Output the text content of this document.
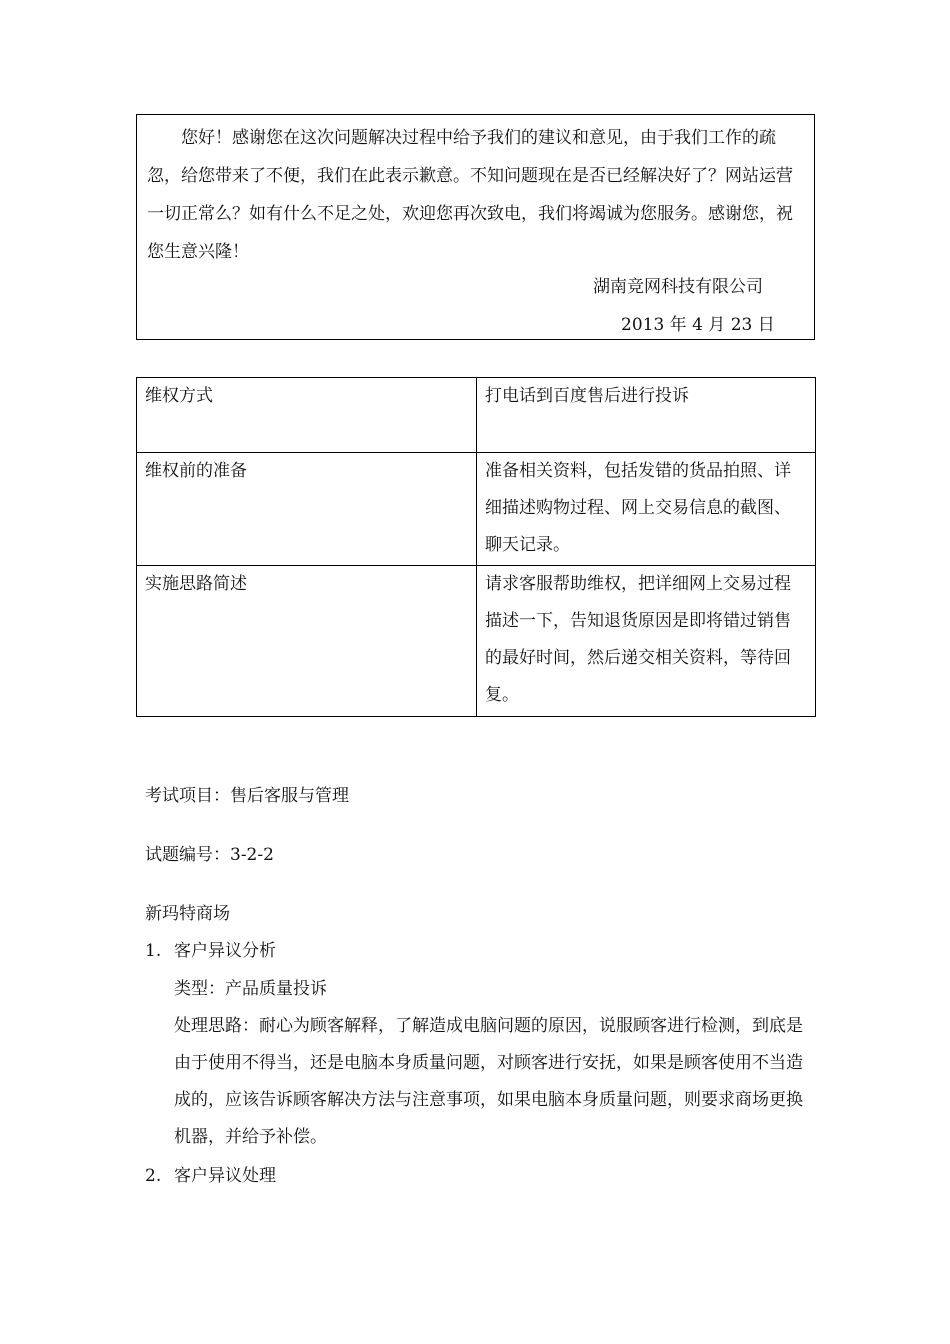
您好！感谢您在这次问题解决过程中给予我们的建议和意见，由于我们工作的疏忽，给您带来了不便，我们在此表示歉意。不知问题现在是否已经解决好了？网站运营一切正常么？如有什么不足之处，欢迎您再次致电，我们将竭诚为您服务。感谢您，祝您生意兴隆！

湖南竞网科技有限公司

2013 年 4 月 23 日

维权方式	打电话到百度售后进行投诉
维权前的准备	准备相关资料，包括发错的货品拍照、详细描述购物过程、网上交易信息的截图、聊天记录。
实施思路简述	请求客服帮助维权，把详细网上交易过程描述一下，告知退货原因是即将错过销售的最好时间，然后递交相关资料，等待回复。

考试项目：售后客服与管理

试题编号：3-2-2

新玛特商场

1. 客户异议分析

类型：产品质量投诉

处理思路：耐心为顾客解释，了解造成电脑问题的原因，说服顾客进行检测，到底是由于使用不得当，还是电脑本身质量问题，对顾客进行安抚，如果是顾客使用不当造成的，应该告诉顾客解决方法与注意事项，如果电脑本身质量问题，则要求商场更换机器，并给予补偿。

2. 客户异议处理
